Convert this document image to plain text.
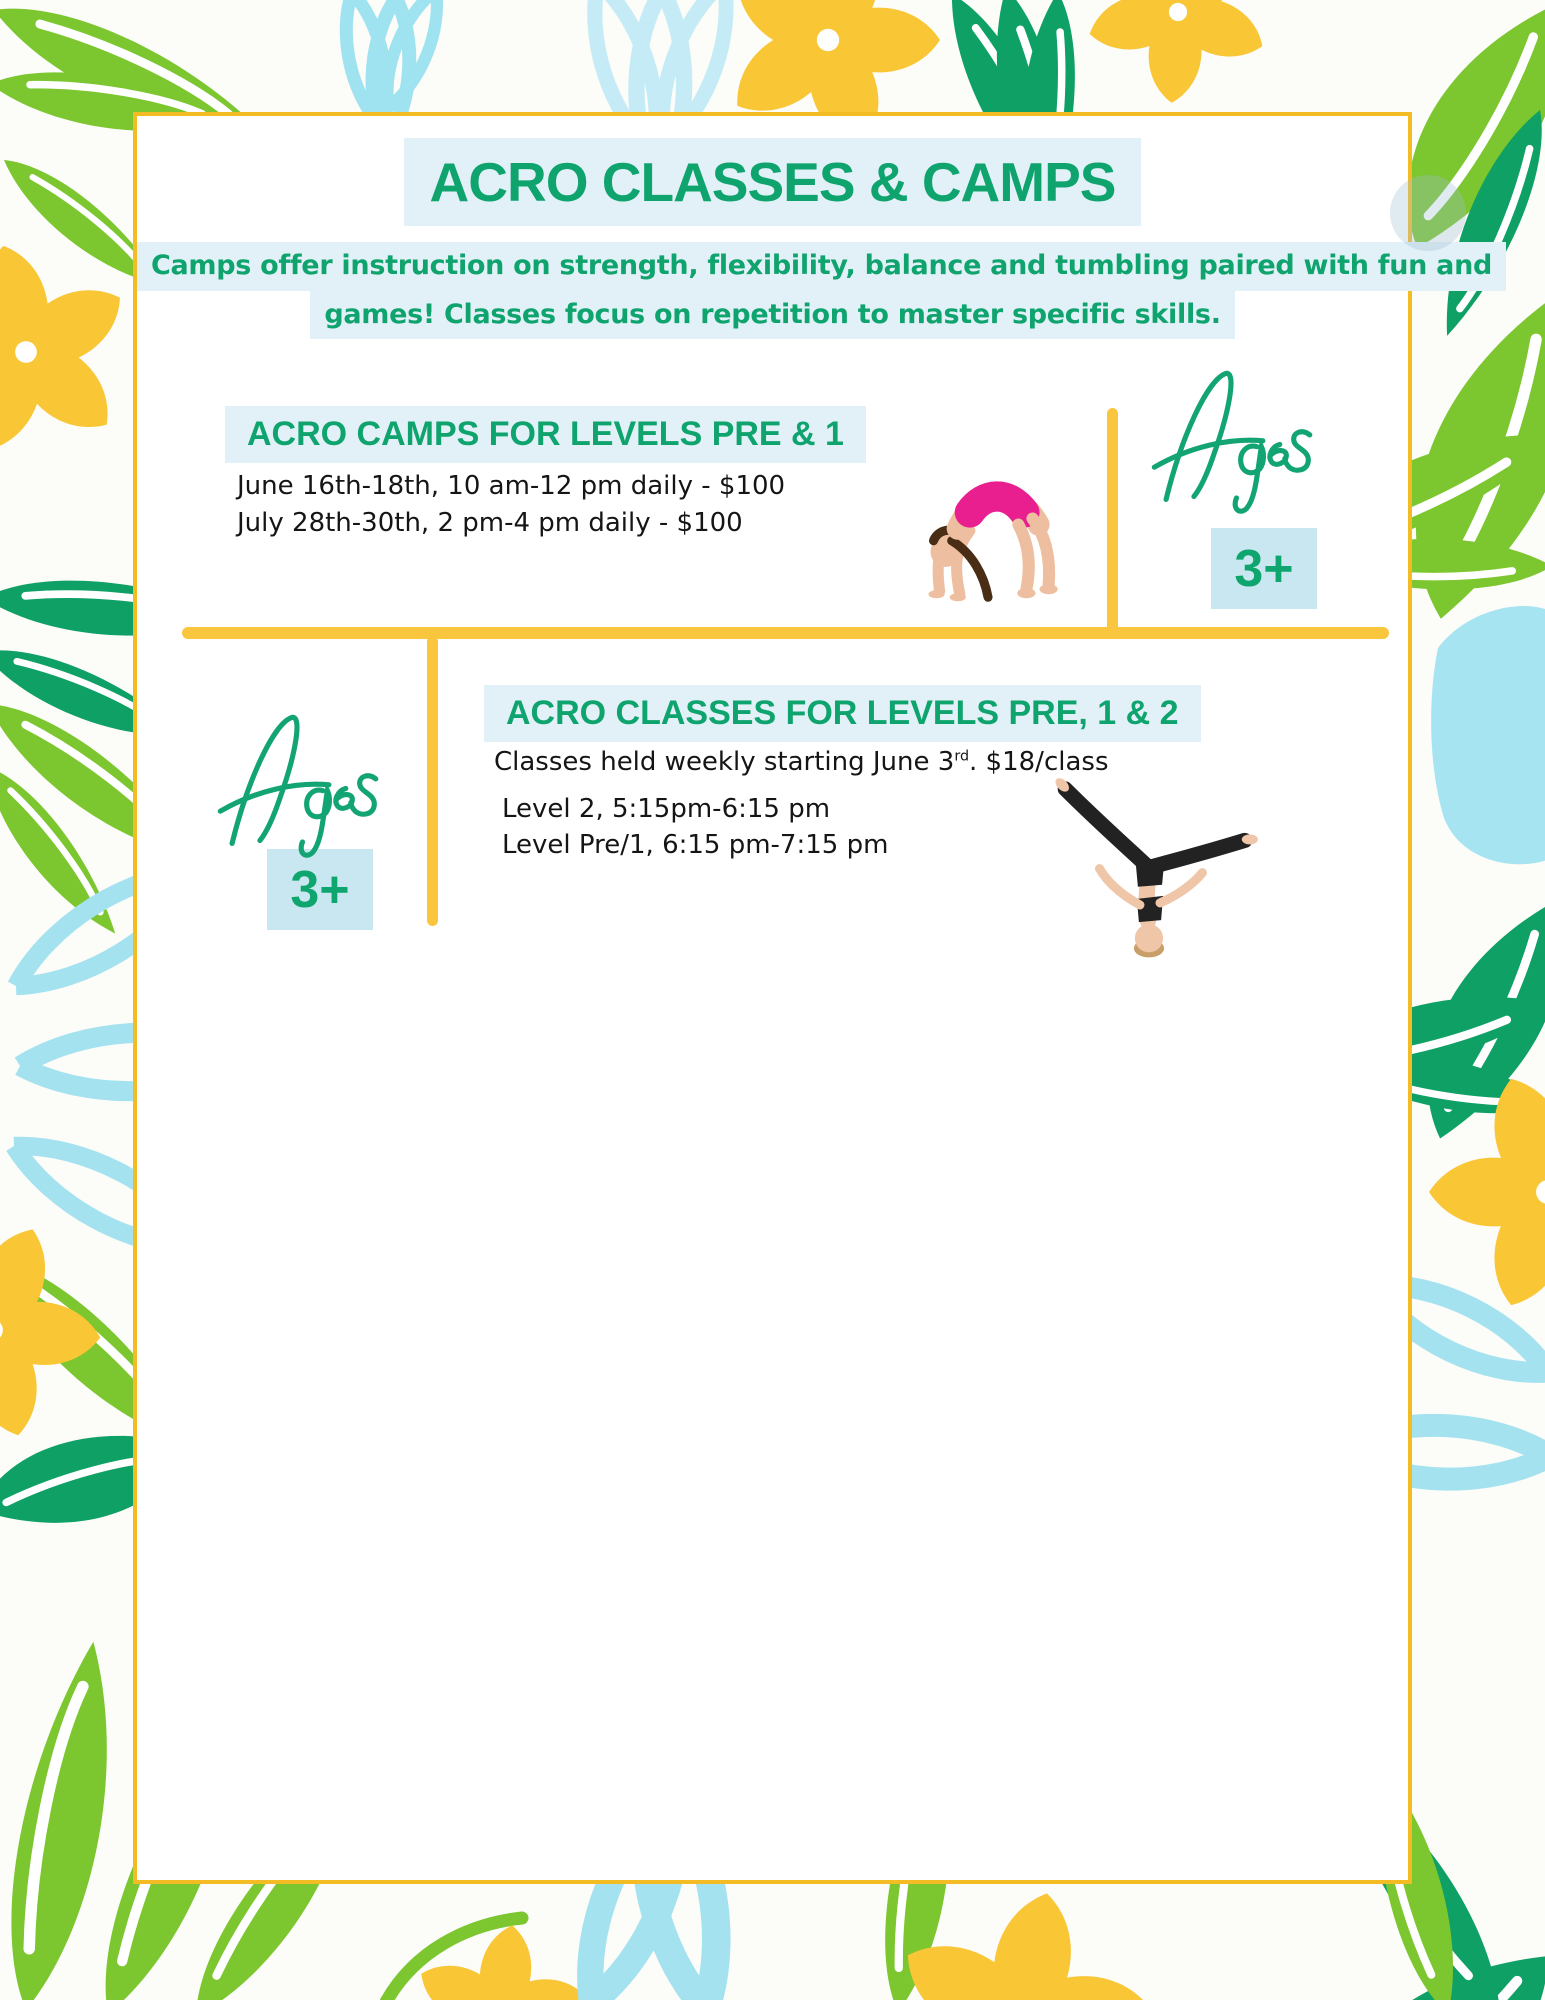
ACRO CLASSES & CAMPS
Camps offer instruction on strength, flexibility, balance and tumbling paired with fun and
games! Classes focus on repetition to master specific skills.
ACRO CAMPS FOR LEVELS PRE & 1
June 16th-18th, 10 am-12 pm daily - $100
July 28th-30th, 2 pm-4 pm daily - $100
3+
3+
ACRO CLASSES FOR LEVELS PRE, 1 & 2
Classes held weekly starting June 3rd. $18/class
Level 2, 5:15pm-6:15 pm
Level Pre/1, 6:15 pm-7:15 pm
